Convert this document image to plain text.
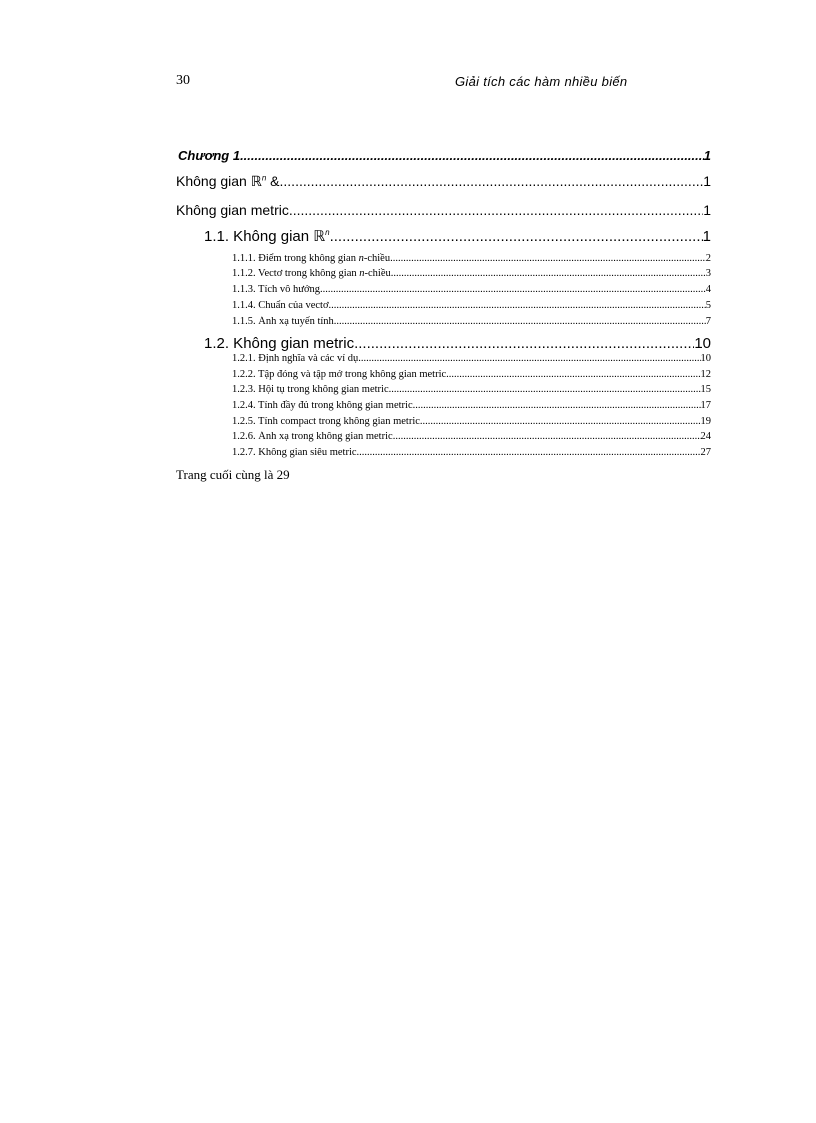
30	Giải tích các hàm nhiều biến
Chương 1 .....	1
Không gian ℝ$^n$ & .....	1
Không gian metric .....	1
1.1. Không gian ℝ$^n$ .....	1
1.1.1. Điểm trong không gian n-chiều .....	2
1.1.2. Vectơ trong không gian n-chiều .....	3
1.1.3. Tích vô hướng .....	4
1.1.4. Chuẩn của vectơ .....	5
1.1.5. Ánh xạ tuyến tính .....	7
1.2. Không gian metric .....	10
1.2.1. Định nghĩa và các ví dụ .....	10
1.2.2. Tập đóng và tập mở trong không gian metric .....	12
1.2.3. Hội tụ trong không gian metric .....	15
1.2.4. Tính đầy đủ trong không gian metric .....	17
1.2.5. Tính compact trong không gian metric .....	19
1.2.6. Ánh xạ trong không gian metric .....	24
1.2.7. Không gian siêu metric .....	27
Trang cuối cùng là 29
